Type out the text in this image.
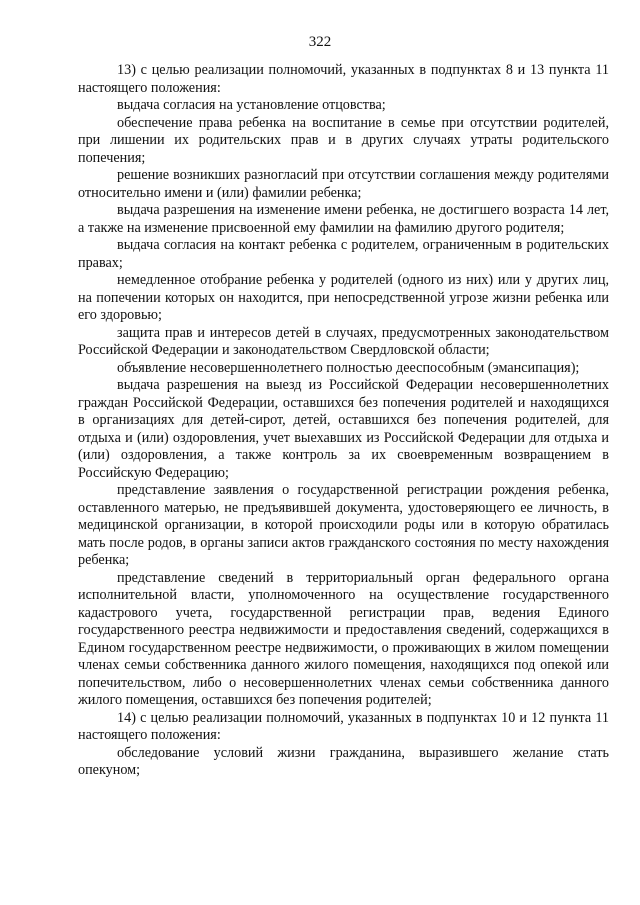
322

13) с целью реализации полномочий, указанных в подпунктах 8 и 13 пункта 11 настоящего положения:

выдача согласия на установление отцовства;

обеспечение права ребенка на воспитание в семье при отсутствии родителей, при лишении их родительских прав и в других случаях утраты родительского попечения;

решение возникших разногласий при отсутствии соглашения между родителями относительно имени и (или) фамилии ребенка;

выдача разрешения на изменение имени ребенка, не достигшего возраста 14 лет, а также на изменение присвоенной ему фамилии на фамилию другого родителя;

выдача согласия на контакт ребенка с родителем, ограниченным в родительских правах;

немедленное отобрание ребенка у родителей (одного из них) или у других лиц, на попечении которых он находится, при непосредственной угрозе жизни ребенка или его здоровью;

защита прав и интересов детей в случаях, предусмотренных законодательством Российской Федерации и законодательством Свердловской области;

объявление несовершеннолетнего полностью дееспособным (эмансипация);

выдача разрешения на выезд из Российской Федерации несовершеннолетних граждан Российской Федерации, оставшихся без попечения родителей и находящихся в организациях для детей-сирот, детей, оставшихся без попечения родителей, для отдыха и (или) оздоровления, учет выехавших из Российской Федерации для отдыха и (или) оздоровления, а также контроль за их своевременным возвращением в Российскую Федерацию;

представление заявления о государственной регистрации рождения ребенка, оставленного матерью, не предъявившей документа, удостоверяющего ее личность, в медицинской организации, в которой происходили роды или в которую обратилась мать после родов, в органы записи актов гражданского состояния по месту нахождения ребенка;

представление сведений в территориальный орган федерального органа исполнительной власти, уполномоченного на осуществление государственного кадастрового учета, государственной регистрации прав, ведения Единого государственного реестра недвижимости и предоставления сведений, содержащихся в Едином государственном реестре недвижимости, о проживающих в жилом помещении членах семьи собственника данного жилого помещения, находящихся под опекой или попечительством, либо о несовершеннолетних членах семьи собственника данного жилого помещения, оставшихся без попечения родителей;

14) с целью реализации полномочий, указанных в подпунктах 10 и 12 пункта 11 настоящего положения:

обследование условий жизни гражданина, выразившего желание стать опекуном;
